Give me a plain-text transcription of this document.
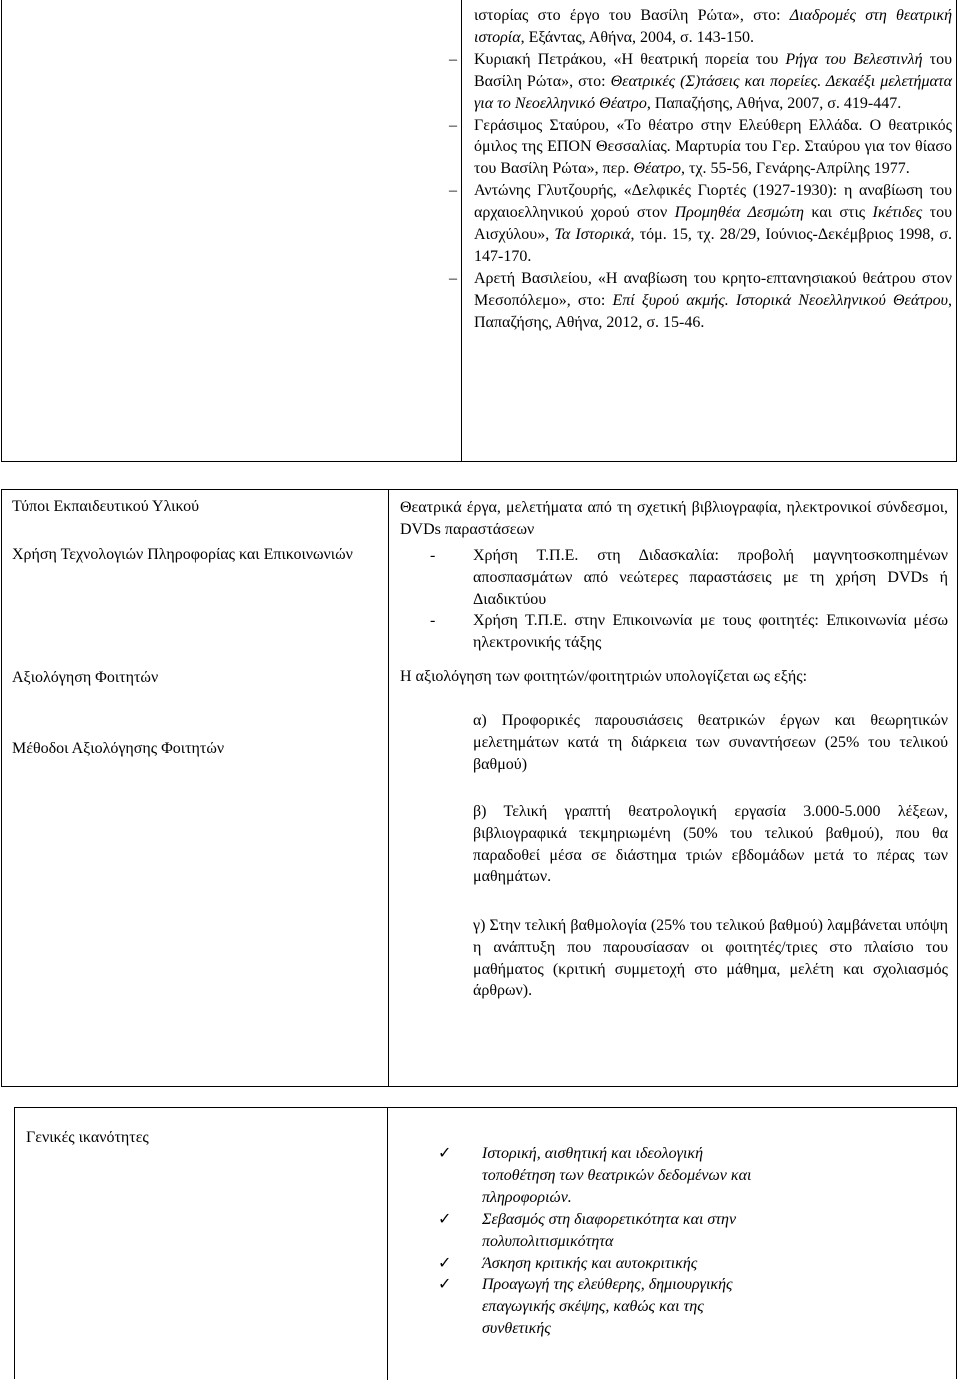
ιστορίας στο έργο του Βασίλη Ρώτα», στο: Διαδρομές στη θεατρική ιστορία, Εξάντας, Αθήνα, 2004, σ. 143-150.

– Κυριακή Πετράκου, «Η θεατρική πορεία του Ρήγα του Βελεστινλή του Βασίλη Ρώτα», στο: Θεατρικές (Σ)τάσεις και πορείες. Δεκαέξι μελετήματα για το Νεοελληνικό Θέατρο, Παπαζήσης, Αθήνα, 2007, σ. 419-447.

– Γεράσιμος Σταύρου, «Το θέατρο στην Ελεύθερη Ελλάδα. Ο θεατρικός όμιλος της ΕΠΟΝ Θεσσαλίας. Μαρτυρία του Γερ. Σταύρου για τον θίασο του Βασίλη Ρώτα», περ. Θέατρο, τχ. 55-56, Γενάρης-Απρίλης 1977.

– Αντώνης Γλυτζουρής, «Δελφικές Γιορτές (1927-1930): η αναβίωση του αρχαιοελληνικού χορού στον Προμηθέα Δεσμώτη και στις Ικέτιδες του Αισχύλου», Τα Ιστορικά, τόμ. 15, τχ. 28/29, Ιούνιος-Δεκέμβριος 1998, σ. 147-170.

– Αρετή Βασιλείου, «Η αναβίωση του κρητο-επτανησιακού θεάτρου στον Μεσοπόλεμο», στο: Επί ξυρού ακμής. Ιστορικά Νεοελληνικού Θεάτρου, Παπαζήσης, Αθήνα, 2012, σ. 15-46.

Τύποι Εκπαιδευτικού Υλικού
Χρήση Τεχνολογιών Πληροφορίας και Επικοινωνιών
Αξιολόγηση Φοιτητών
Μέθοδοι Αξιολόγησης Φοιτητών

Θεατρικά έργα, μελετήματα από τη σχετική βιβλιογραφία, ηλεκτρονικοί σύνδεσμοι, DVDs παραστάσεων

- Χρήση Τ.Π.Ε. στη Διδασκαλία: προβολή μαγνητοσκοπημένων αποσπασμάτων από νεώτερες παραστάσεις με τη χρήση DVDs ή Διαδικτύου

- Χρήση Τ.Π.Ε. στην Επικοινωνία με τους φοιτητές: Επικοινωνία μέσω ηλεκτρονικής τάξης

Η αξιολόγηση των φοιτητών/φοιτητριών υπολογίζεται ως εξής:

α) Προφορικές παρουσιάσεις θεατρικών έργων και θεωρητικών μελετημάτων κατά τη διάρκεια των συναντήσεων (25% του τελικού βαθμού)

β) Τελική γραπτή θεατρολογική εργασία 3.000-5.000 λέξεων, βιβλιογραφικά τεκμηριωμένη (50% του τελικού βαθμού), που θα παραδοθεί μέσα σε διάστημα τριών εβδομάδων μετά το πέρας των μαθημάτων.

γ) Στην τελική βαθμολογία (25% του τελικού βαθμού) λαμβάνεται υπόψη η ανάπτυξη που παρουσίασαν οι φοιτητές/τριες στο πλαίσιο του μαθήματος (κριτική συμμετοχή στο μάθημα, μελέτη και σχολιασμός άρθρων).

Γενικές ικανότητες
✓ Ιστορική, αισθητική και ιδεολογική τοποθέτηση των θεατρικών δεδομένων και πληροφοριών.
✓ Σεβασμός στη διαφορετικότητα και στην πολυπολιτισμικότητα
✓ Άσκηση κριτικής και αυτοκριτικής
✓ Προαγωγή της ελεύθερης, δημιουργικής επαγωγικής σκέψης, καθώς και της συνθετικής
